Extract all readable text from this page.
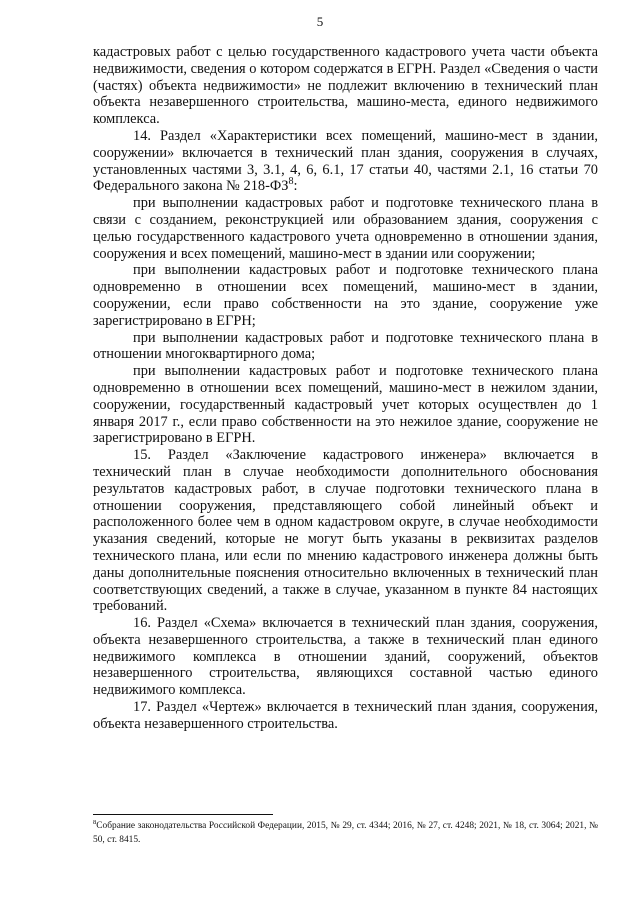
5

кадастровых работ с целью государственного кадастрового учета части объекта недвижимости, сведения о котором содержатся в ЕГРН. Раздел «Сведения о части (частях) объекта недвижимости» не подлежит включению в технический план объекта незавершенного строительства, машино-места, единого недвижимого комплекса.

14. Раздел «Характеристики всех помещений, машино-мест в здании, сооружении» включается в технический план здания, сооружения в случаях, установленных частями 3, 3.1, 4, 6, 6.1, 17 статьи 40, частями 2.1, 16 статьи 70 Федерального закона № $218-ФЗ^8$:

при выполнении кадастровых работ и подготовке технического плана в связи с созданием, реконструкцией или образованием здания, сооружения с целью государственного кадастрового учета одновременно в отношении здания, сооружения и всех помещений, машино-мест в здании или сооружении;

при выполнении кадастровых работ и подготовке технического плана одновременно в отношении всех помещений, машино-мест в здании, сооружении, если право собственности на это здание, сооружение уже зарегистрировано в ЕГРН;

при выполнении кадастровых работ и подготовке технического плана в отношении многоквартирного дома;

при выполнении кадастровых работ и подготовке технического плана одновременно в отношении всех помещений, машино-мест в нежилом здании, сооружении, государственный кадастровый учет которых осуществлен до 1 января 2017 г., если право собственности на это нежилое здание, сооружение не зарегистрировано в ЕГРН.

15. Раздел «Заключение кадастрового инженера» включается в технический план в случае необходимости дополнительного обоснования результатов кадастровых работ, в случае подготовки технического плана в отношении сооружения, представляющего собой линейный объект и расположенного более чем в одном кадастровом округе, в случае необходимости указания сведений, которые не могут быть указаны в реквизитах разделов технического плана, или если по мнению кадастрового инженера должны быть даны дополнительные пояснения относительно включенных в технический план соответствующих сведений, а также в случае, указанном в пункте 84 настоящих требований.

16. Раздел «Схема» включается в технический план здания, сооружения, объекта незавершенного строительства, а также в технический план единого недвижимого комплекса в отношении зданий, сооружений, объектов незавершенного строительства, являющихся составной частью единого недвижимого комплекса.

17. Раздел «Чертеж» включается в технический план здания, сооружения, объекта незавершенного строительства.

$^8$Собрание законодательства Российской Федерации, 2015, № 29, ст. 4344; 2016, № 27, ст. 4248; 2021, № 18, ст. 3064; 2021, № 50, ст. 8415.
